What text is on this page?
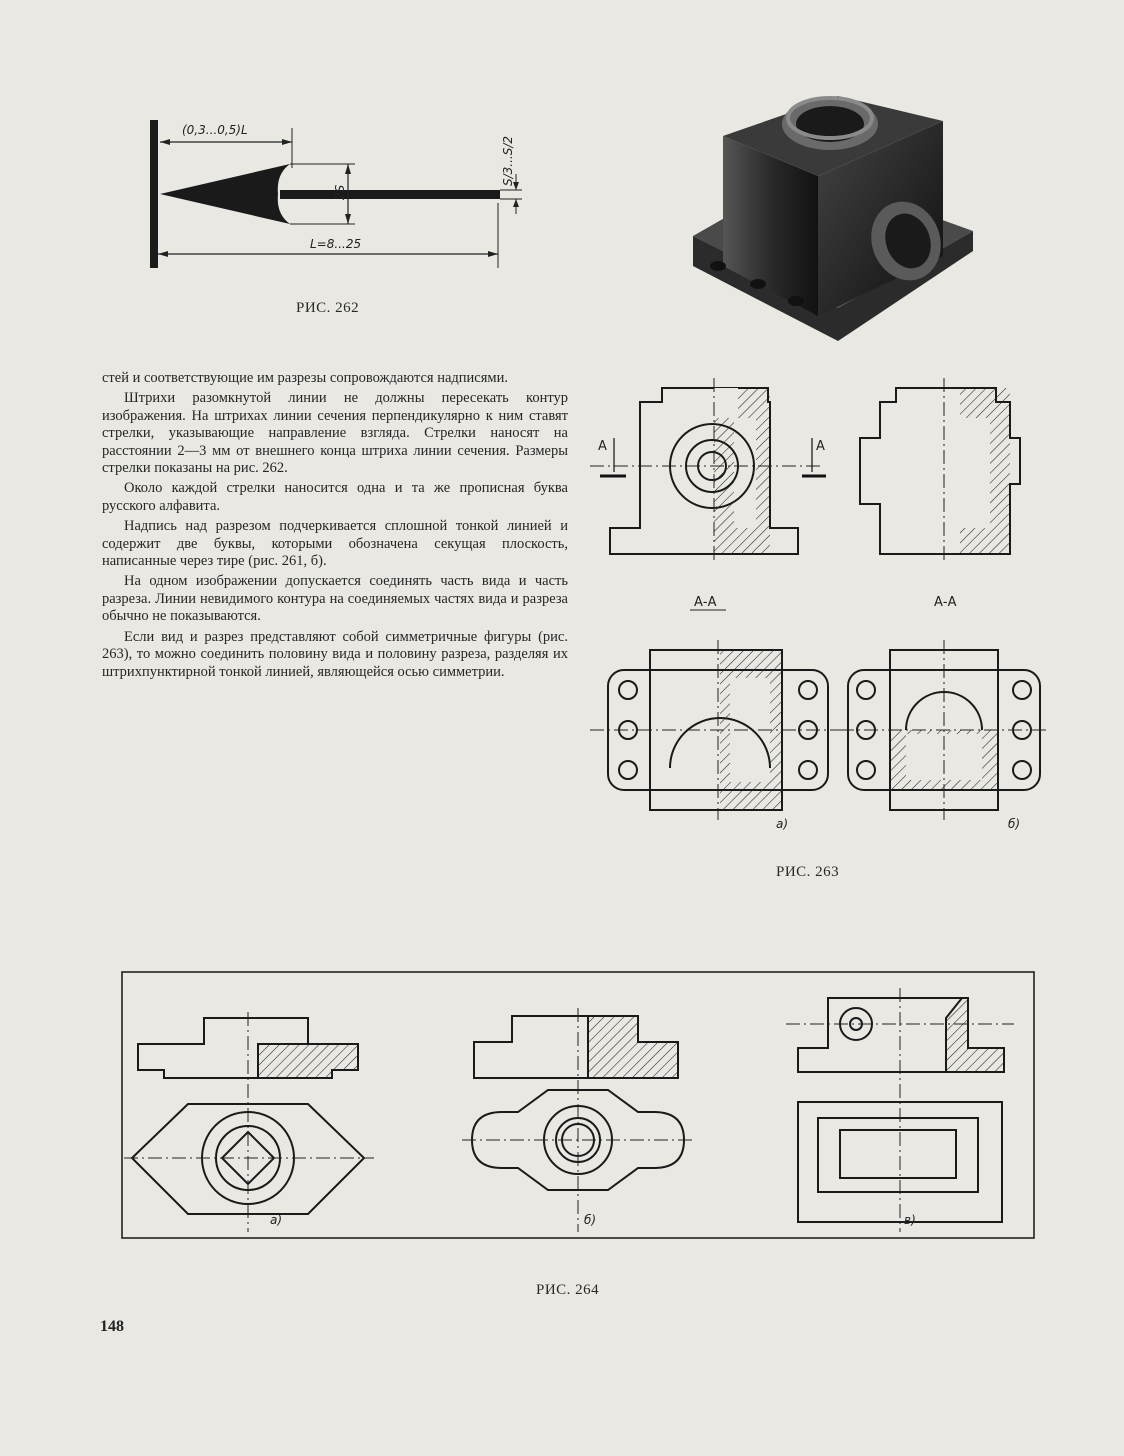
(0,3...0,5)L
2S
S/3...S/2
L=8...25
РИС. 262
A	A
А-А	А-А
а)	б)
РИС. 263

стей и соответствующие им разрезы сопровождаются надписями.

Штрихи разомкнутой линии не должны пересекать контур изображения. На штрихах линии сечения перпендикулярно к ним ставят стрелки, указывающие направление взгляда. Стрелки наносят на расстоянии 2—3 мм от внешнего конца штриха линии сечения. Размеры стрелки показаны на рис. 262.

Около каждой стрелки наносится одна и та же прописная буква русского алфавита.

Надпись над разрезом подчеркивается сплошной тонкой линией и содержит две буквы, которыми обозначена секущая плоскость, написанные через тире (рис. 261, б).

На одном изображении допускается соединять часть вида и часть разреза. Линии невидимого контура на соединяемых частях вида и разреза обычно не показываются.

Если вид и разрез представляют собой симметричные фигуры (рис. 263), то можно соединить половину вида и половину разреза, разделяя их штрихпунктирной тонкой линией, являющейся осью симметрии.

а)	б)	в)
РИС. 264
148
